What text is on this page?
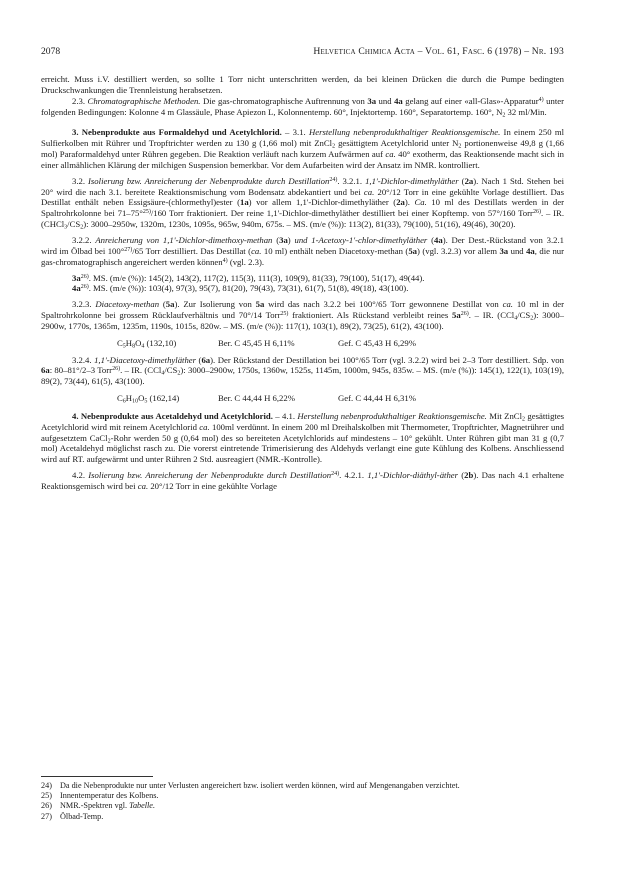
2078	Helvetica Chimica Acta – Vol. 61, Fasc. 6 (1978) – Nr. 193

erreicht. Muss i.V. destilliert werden, so sollte 1 Torr nicht unterschritten werden, da bei kleinen Drücken die durch die Pumpe bedingten Druckschwankungen die Trennleistung herabsetzen.

2.3. Chromatographische Methoden. Die gas-chromatographische Auftrennung von 3a und 4a gelang auf einer «all-Glas»-Apparatur$^{4)}$ unter folgenden Bedingungen: Kolonne 4 m Glassäule, Phase Apiezon L, Kolonnentemp. 60°, Injektortemp. 160°, Separatortemp. 160°, $N_2$ 32 ml/Min.

3. Nebenprodukte aus Formaldehyd und Acetylchlorid. – 3.1. Herstellung nebenprodukthaltiger Reaktionsgemische. In einem 250 ml Sulfierkolben mit Rührer und Tropftrichter werden zu 130 g (1,66 mol) mit ZnCl$_2$ gesättigtem Acetylchlorid unter $N_2$ portionenweise 49,8 g (1,66 mol) Paraformaldehyd unter Rühren gegeben. Die Reaktion verläuft nach kurzem Aufwärmen auf ca. 40° exotherm, das Reaktionsende macht sich in einer allmählichen Klärung der milchigen Suspension bemerkbar. Vor dem Aufarbeiten wird der Ansatz im NMR. kontrolliert.

3.2. Isolierung bzw. Anreicherung der Nebenprodukte durch Destillation$^{24)}$. 3.2.1. 1,1'-Dichlor-dimethyläther (2a). Nach 1 Std. Stehen bei 20° wird die nach 3.1. bereitete Reaktionsmischung vom Bodensatz abdekantiert und bei ca. 20°/12 Torr in eine gekühlte Vorlage destilliert. Das Destillat enthält neben Essigsäure-(chlormethyl)ester (1a) vor allem 1,1'-Dichlor-dimethyläther (2a). Ca. 10 ml des Destillats werden in der Spaltrohrkolonne bei 71–75°$^{25)}$/160 Torr fraktioniert. Der reine 1,1'-Dichlor-dimethyläther destilliert bei einer Kopftemp. von 57°/160 Torr$^{26)}$. – IR. $(CHCl_3/CS_2)$: 3000–2950w, 1320m, 1230s, 1095s, 965w, 940m, 675s. – MS. (m/e (%)): 113(2), 81(33), 79(100), 51(16), 49(46), 30(20).

3.2.2. Anreicherung von 1,1'-Dichlor-dimethoxy-methan (3a) und 1-Acetoxy-1'-chlor-dimethyläther (4a). Der Dest.-Rückstand von 3.2.1 wird im Ölbad bei 100°$^{27)}$/65 Torr destilliert. Das Destillat (ca. 10 ml) enthält neben Diacetoxy-methan (5a) (vgl. 3.2.3) vor allem 3a und 4a, die nur gas-chromatographisch angereichert werden können$^{4)}$ (vgl. 2.3).

$3a^{26)}$. MS. (m/e (%)): 145(2), 143(2), 117(2), 115(3), 111(3), 109(9), 81(33), 79(100), 51(17), 49(44).

$4a^{26)}$. MS. (m/e (%)): 103(4), 97(3), 95(7), 81(20), 79(43), 73(31), 61(7), 51(8), 49(18), 43(100).

3.2.3. Diacetoxy-methan (5a). Zur Isolierung von 5a wird das nach 3.2.2 bei 100°/65 Torr gewonnene Destillat von ca. 10 ml in der Spaltrohrkolonne bei grossem Rücklaufverhältnis und 70°/14 Torr$^{25)}$ fraktioniert. Als Rückstand verbleibt reines $5a^{26)}$. – IR. $(CCl_4/CS_2)$: 3000–2900w, 1770s, 1365m, 1235m, 1190s, 1015s, 820w. – MS. (m/e (%)): 117(1), 103(1), 89(2), 73(25), 61(2), 43(100).

$C_5H_8O_4$ (132,10)	Ber. C 45,45 H 6,11%	Gef. C 45,43 H 6,29%

3.2.4. 1,1'-Diacetoxy-dimethyläther (6a). Der Rückstand der Destillation bei 100°/65 Torr (vgl. 3.2.2) wird bei 2–3 Torr destilliert. Sdp. von 6a: 80–81°/2–3 Torr$^{26)}$. – IR. $(CCl_4/CS_2)$: 3000–2900w, 1750s, 1360w, 1525s, 1145m, 1000m, 945s, 835w. – MS. (m/e (%)): 145(1), 122(1), 103(19), 89(2), 73(44), 61(5), 43(100).

$C_6H_{10}O_5$ (162,14)	Ber. C 44,44 H 6,22%	Gef. C 44,44 H 6,31%

4. Nebenprodukte aus Acetaldehyd und Acetylchlorid. – 4.1. Herstellung nebenprodukthaltiger Reaktionsgemische. Mit ZnCl$_2$ gesättigtes Acetylchlorid wird mit reinem Acetylchlorid ca. 100ml verdünnt. In einem 200 ml Dreihalskolben mit Thermometer, Tropftrichter, Magnetrührer und aufgesetztem CaCl$_2$-Rohr werden 50 g (0,64 mol) des so bereiteten Acetylchlorids auf mindestens – 10° gekühlt. Unter Rühren gibt man 31 g (0,7 mol) Acetaldehyd möglichst rasch zu. Die vorerst eintretende Trimerisierung des Aldehyds verlangt eine gute Kühlung des Kolbens. Anschliessend wird auf RT. aufgewärmt und unter Rühren 2 Std. ausreagiert (NMR.-Kontrolle).

4.2. Isolierung bzw. Anreicherung der Nebenprodukte durch Destillation$^{24)}$. 4.2.1. 1,1'-Dichlor-diäthyl-äther (2b). Das nach 4.1 erhaltene Reaktionsgemisch wird bei ca. 20°/12 Torr in eine gekühlte Vorlage

24) Da die Nebenprodukte nur unter Verlusten angereichert bzw. isoliert werden können, wird auf Mengenangaben verzichtet.

25) Innentemperatur des Kolbens.

26) NMR.-Spektren vgl. Tabelle.

27) Ölbad-Temp.
